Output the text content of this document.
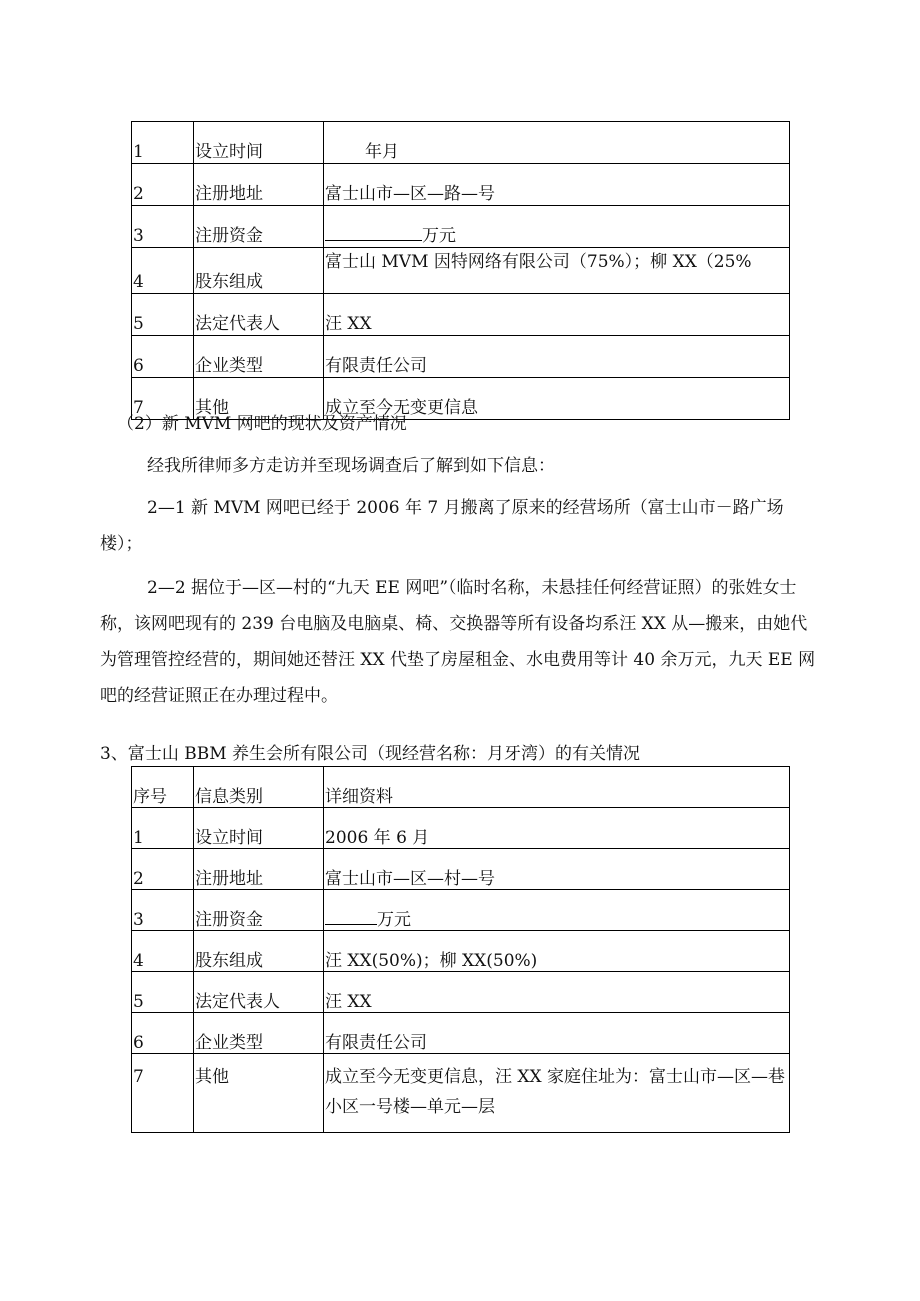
1	设立时间	年月
2	注册地址	富士山市—区—路—号
3	注册资金	万元
4	股东组成	富士山 MVM 因特网络有限公司（75%）；柳 XX（25%
5	法定代表人	汪 XX
6	企业类型	有限责任公司
7	其他	成立至今无变更信息
（2）新 MVM 网吧的现状及资产情况
经我所律师多方走访并至现场调查后了解到如下信息：
2—1 新 MVM 网吧已经于 2006 年 7 月搬离了原来的经营场所（富士山市－路广场楼）；
2—2 据位于—区—村的“九天 EE 网吧”（临时名称，未悬挂任何经营证照）的张姓女士称，该网吧现有的 239 台电脑及电脑桌、椅、交换器等所有设备均系汪 XX 从—搬来，由她代为管理管控经营的，期间她还替汪 XX 代垫了房屋租金、水电费用等计 40 余万元，九天 EE 网吧的经营证照正在办理过程中。
3、富士山 BBM 养生会所有限公司（现经营名称：月牙湾）的有关情况
序号	信息类别	详细资料
1	设立时间	2006 年 6 月
2	注册地址	富士山市—区—村—号
3	注册资金	万元
4	股东组成	汪 XX(50%)；柳 XX(50%)
5	法定代表人	汪 XX
6	企业类型	有限责任公司
7	其他	成立至今无变更信息，汪 XX 家庭住址为：富士山市—区—巷小区一号楼—单元—层
